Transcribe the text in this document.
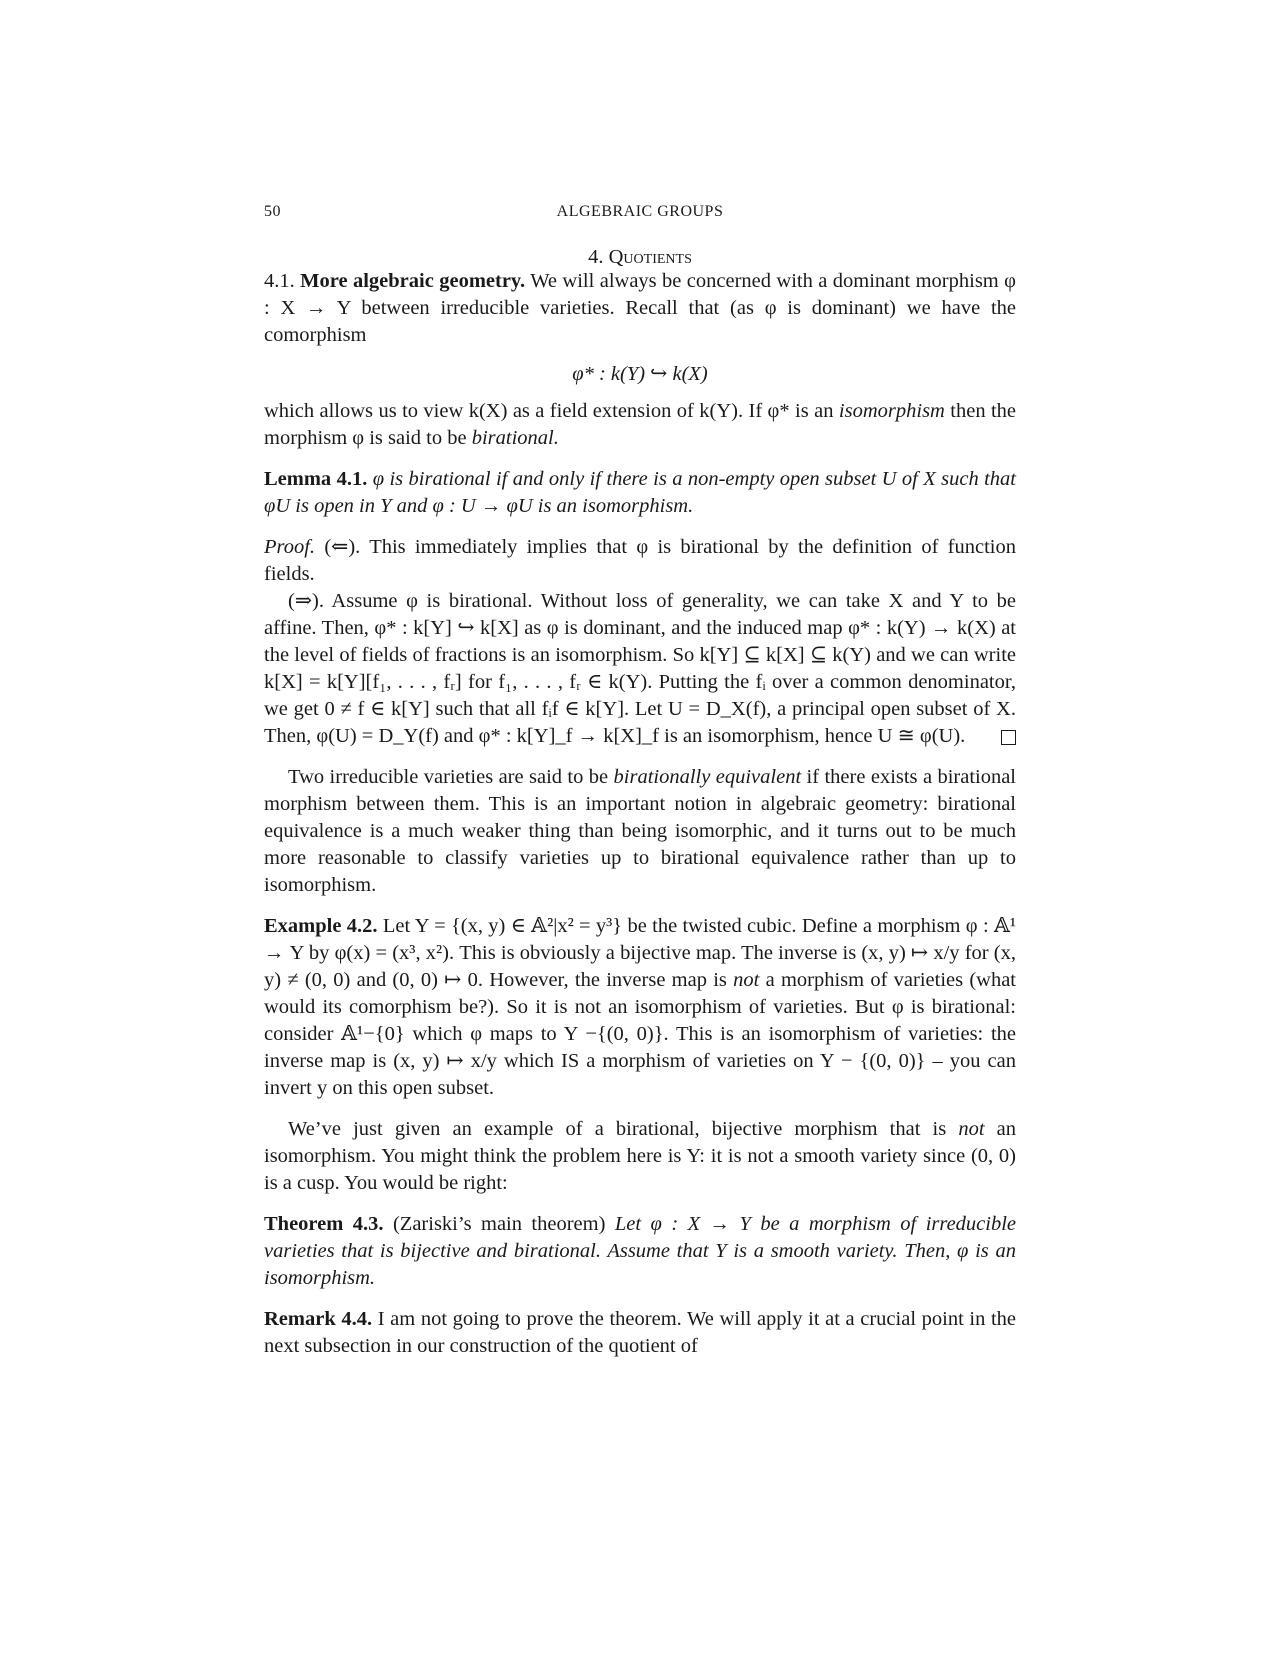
50	ALGEBRAIC GROUPS
4. Quotients

4.1. More algebraic geometry. We will always be concerned with a dominant morphism φ : X → Y between irreducible varieties. Recall that (as φ is dominant) we have the comorphism

φ* : k(Y) ↪ k(X)

which allows us to view k(X) as a field extension of k(Y). If φ* is an isomorphism then the morphism φ is said to be birational.

Lemma 4.1. φ is birational if and only if there is a non-empty open subset U of X such that φU is open in Y and φ : U → φU is an isomorphism.

Proof. (⇐). This immediately implies that φ is birational by the definition of function fields.

(⇒). Assume φ is birational. Without loss of generality, we can take X and Y to be affine. Then, φ* : k[Y] ↪ k[X] as φ is dominant, and the induced map φ* : k(Y) → k(X) at the level of fields of fractions is an isomorphism. So k[Y] ⊆ k[X] ⊆ k(Y) and we can write k[X] = k[Y][f₁, . . . , fᵣ] for f₁, . . . , fᵣ ∈ k(Y). Putting the fᵢ over a common denominator, we get 0 ≠ f ∈ k[Y] such that all fᵢf ∈ k[Y]. Let U = D_X(f), a principal open subset of X. Then, φ(U) = D_Y(f) and φ* : k[Y]_f → k[X]_f is an isomorphism, hence U ≅ φ(U).

Two irreducible varieties are said to be birationally equivalent if there exists a birational morphism between them. This is an important notion in algebraic geometry: birational equivalence is a much weaker thing than being isomorphic, and it turns out to be much more reasonable to classify varieties up to birational equivalence rather than up to isomorphism.

Example 4.2. Let Y = {(x, y) ∈ 𝔸²|x² = y³} be the twisted cubic. Define a morphism φ : 𝔸¹ → Y by φ(x) = (x³, x²). This is obviously a bijective map. The inverse is (x, y) ↦ x/y for (x, y) ≠ (0, 0) and (0, 0) ↦ 0. However, the inverse map is not a morphism of varieties (what would its comorphism be?). So it is not an isomorphism of varieties. But φ is birational: consider 𝔸¹−{0} which φ maps to Y −{(0, 0)}. This is an isomorphism of varieties: the inverse map is (x, y) ↦ x/y which IS a morphism of varieties on Y − {(0, 0)} – you can invert y on this open subset.

We’ve just given an example of a birational, bijective morphism that is not an isomorphism. You might think the problem here is Y: it is not a smooth variety since (0, 0) is a cusp. You would be right:

Theorem 4.3. (Zariski’s main theorem) Let φ : X → Y be a morphism of irreducible varieties that is bijective and birational. Assume that Y is a smooth variety. Then, φ is an isomorphism.

Remark 4.4. I am not going to prove the theorem. We will apply it at a crucial point in the next subsection in our construction of the quotient of
